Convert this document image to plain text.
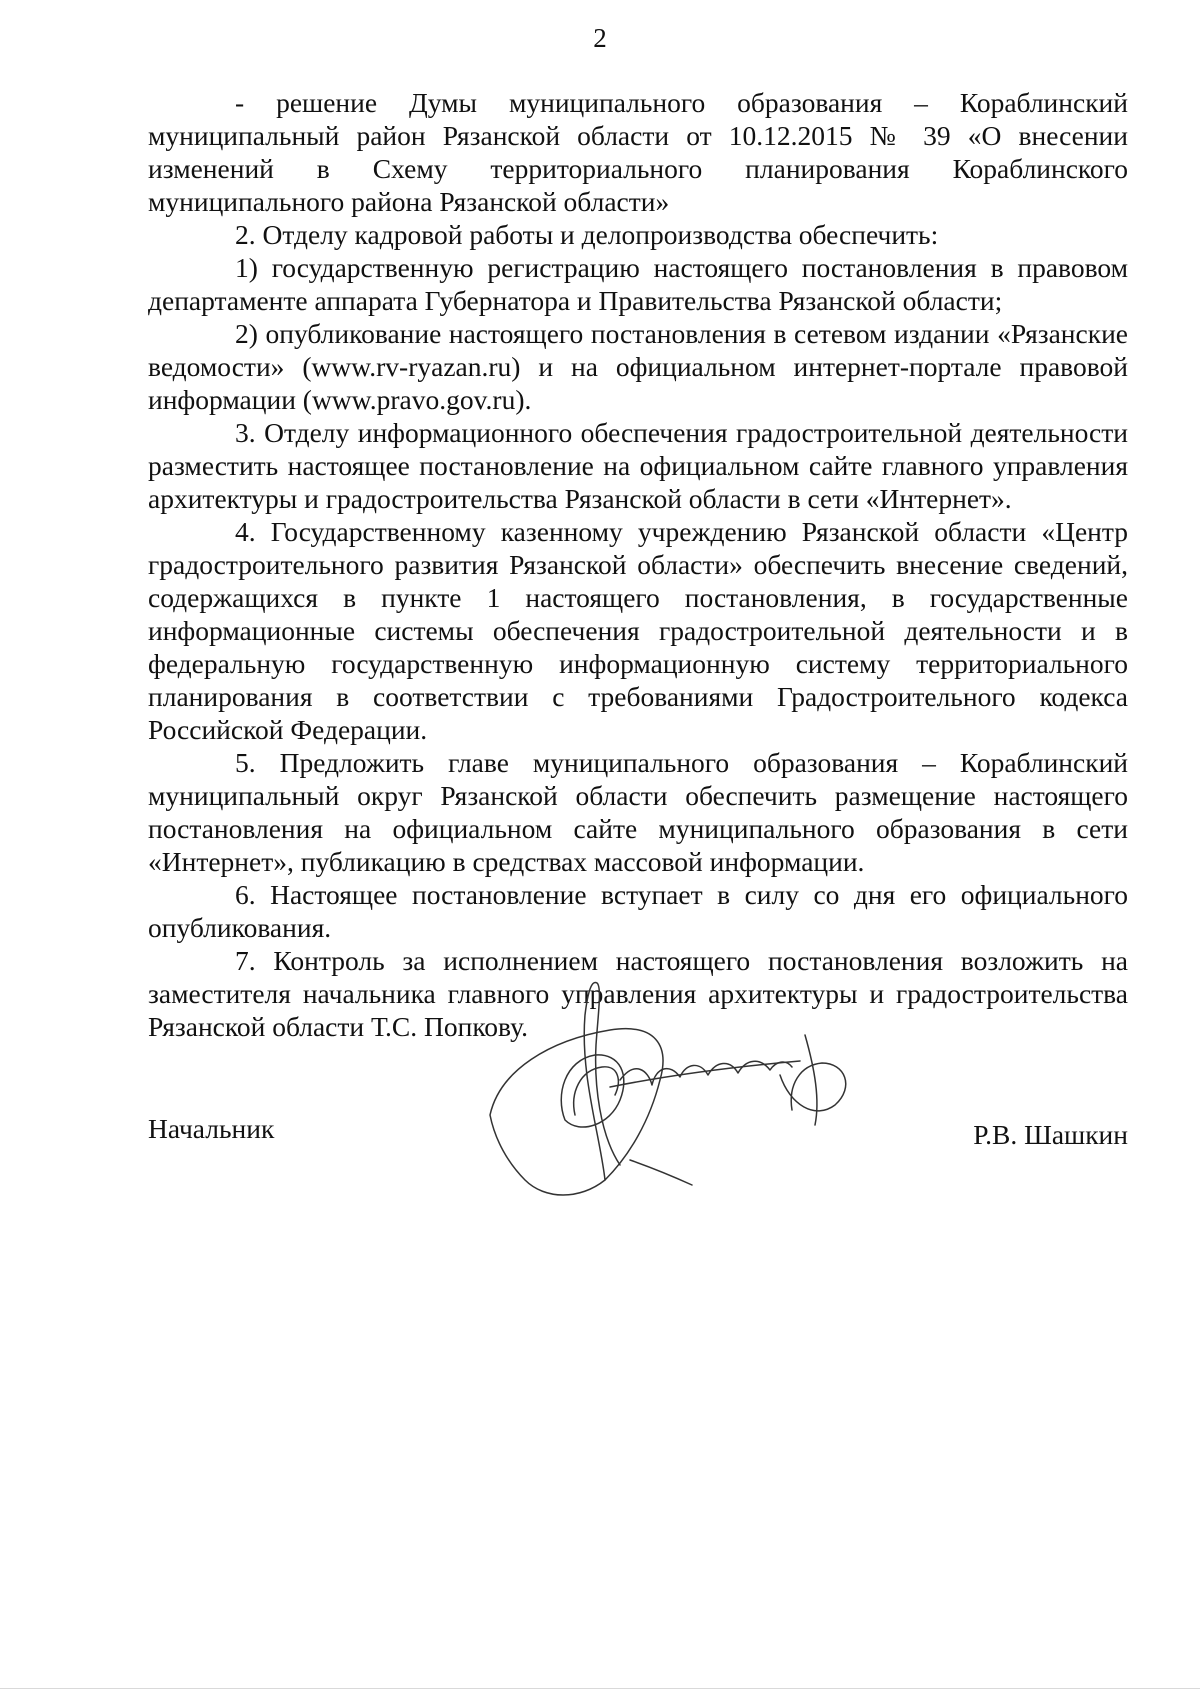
2

- решение Думы муниципального образования – Кораблинский муниципальный район Рязанской области от 10.12.2015 № 39 «О внесении изменений в Схему территориального планирования Кораблинского муниципального района Рязанской области»

2. Отделу кадровой работы и делопроизводства обеспечить:

1) государственную регистрацию настоящего постановления в правовом департаменте аппарата Губернатора и Правительства Рязанской области;

2) опубликование настоящего постановления в сетевом издании «Рязанские ведомости» (www.rv-ryazan.ru) и на официальном интернет-портале правовой информации (www.pravo.gov.ru).

3. Отделу информационного обеспечения градостроительной деятельности разместить настоящее постановление на официальном сайте главного управления архитектуры и градостроительства Рязанской области в сети «Интернет».

4. Государственному казенному учреждению Рязанской области «Центр градостроительного развития Рязанской области» обеспечить внесение сведений, содержащихся в пункте 1 настоящего постановления, в государственные информационные системы обеспечения градостроительной деятельности и в федеральную государственную информационную систему территориального планирования в соответствии с требованиями Градостроительного кодекса Российской Федерации.

5. Предложить главе муниципального образования – Кораблинский муниципальный округ Рязанской области обеспечить размещение настоящего постановления на официальном сайте муниципального образования в сети «Интернет», публикацию в средствах массовой информации.

6. Настоящее постановление вступает в силу со дня его официального опубликования.

7. Контроль за исполнением настоящего постановления возложить на заместителя начальника главного управления архитектуры и градостроительства Рязанской области Т.С. Попкову.

Начальник	Р.В. Шашкин
